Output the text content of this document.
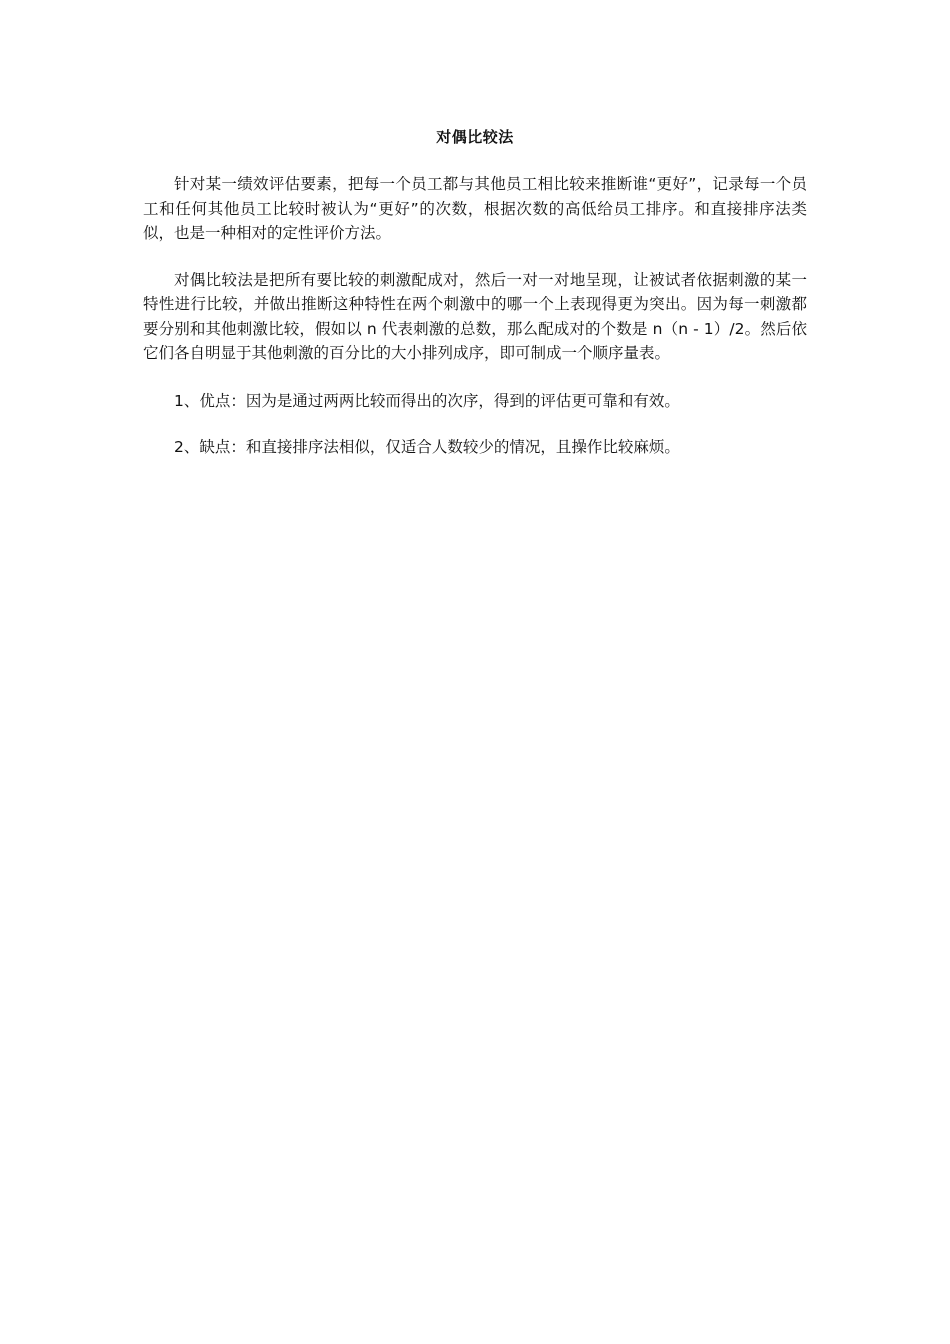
对偶比较法

针对某一绩效评估要素，把每一个员工都与其他员工相比较来推断谁“更好”，记录每一个员工和任何其他员工比较时被认为“更好”的次数，根据次数的高低给员工排序。和直接排序法类似，也是一种相对的定性评价方法。

对偶比较法是把所有要比较的刺激配成对，然后一对一对地呈现，让被试者依据刺激的某一特性进行比较，并做出推断这种特性在两个刺激中的哪一个上表现得更为突出。因为每一刺激都要分别和其他刺激比较，假如以 n 代表刺激的总数，那么配成对的个数是 n（n - 1）/2。然后依它们各自明显于其他刺激的百分比的大小排列成序，即可制成一个顺序量表。

1、优点：因为是通过两两比较而得出的次序，得到的评估更可靠和有效。

2、缺点：和直接排序法相似，仅适合人数较少的情况，且操作比较麻烦。
